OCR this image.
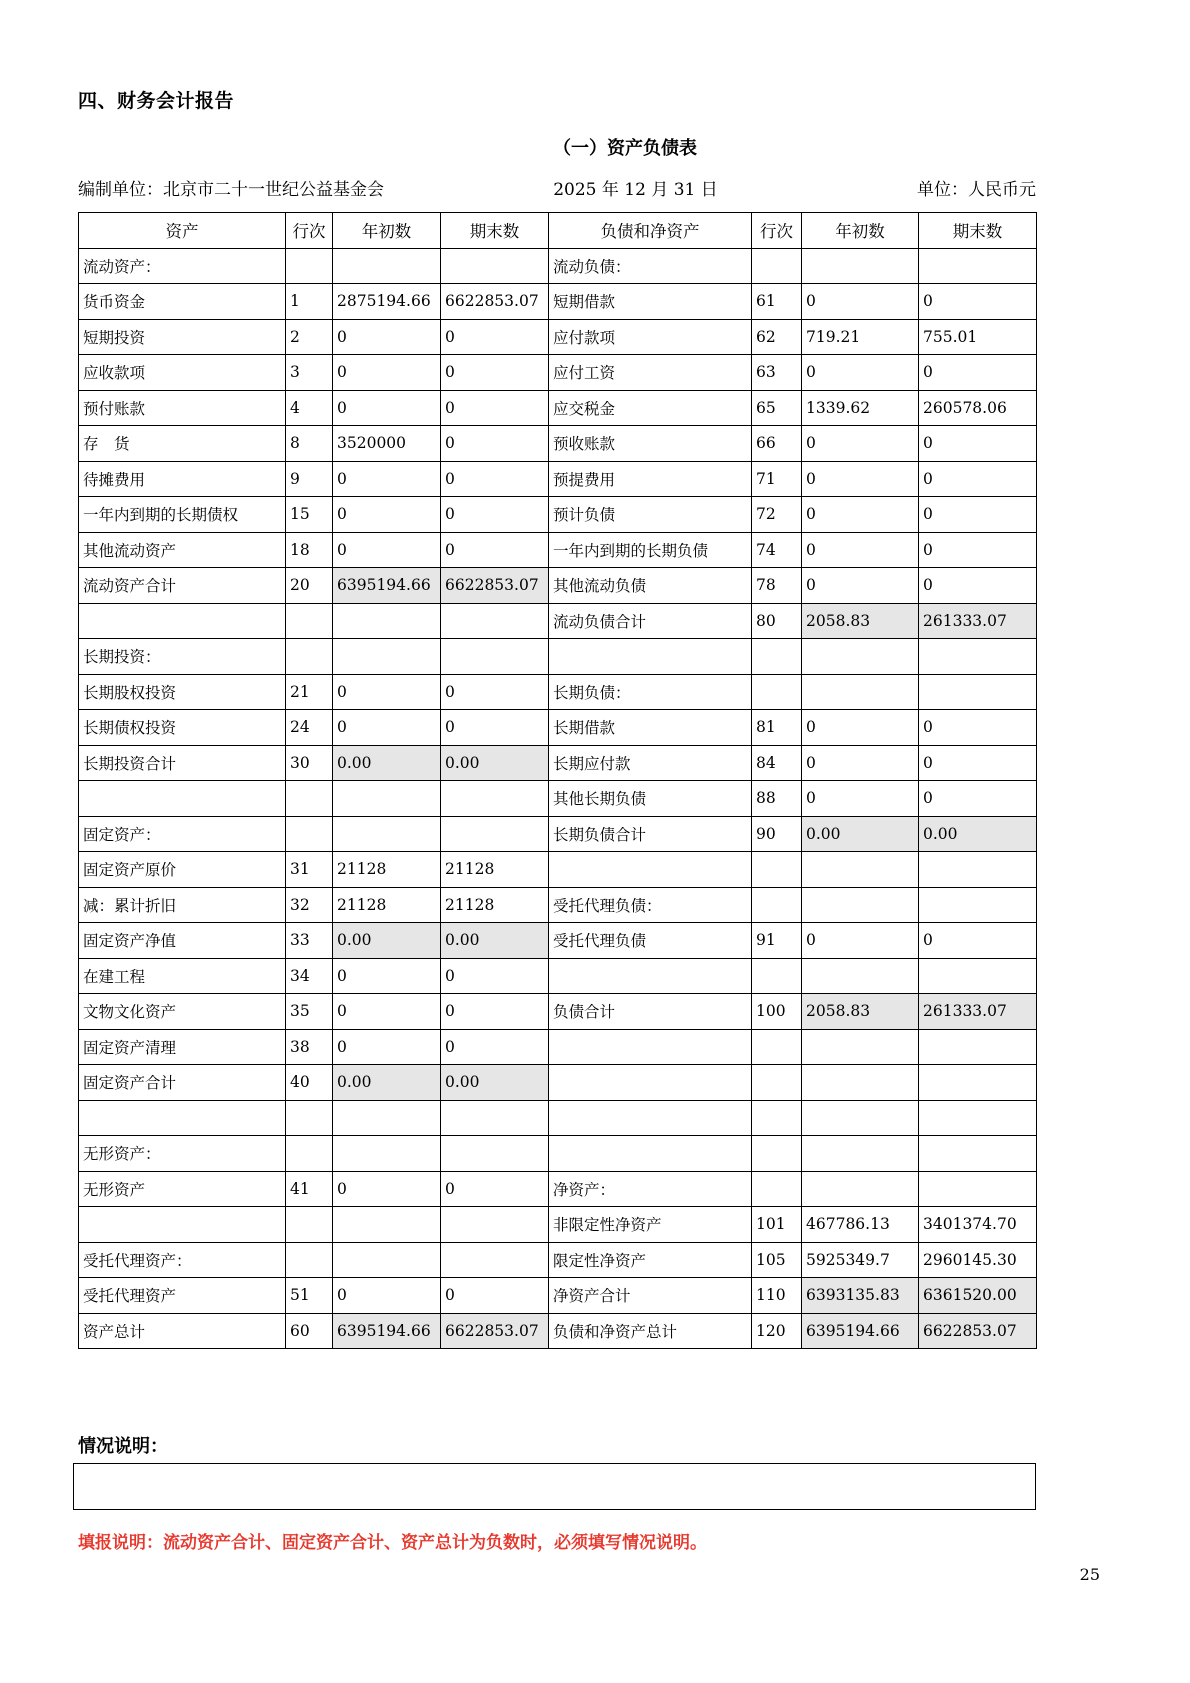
四、财务会计报告
（一）资产负债表
编制单位：北京市二十一世纪公益基金会	2025 年 12 月 31 日	单位：人民币元
资产	行次	年初数	期末数	负债和净资产	行次	年初数	期末数
流动资产：				流动负债：			
货币资金	1	2875194.66	6622853.07	短期借款	61	0	0
短期投资	2	0	0	应付款项	62	719.21	755.01
应收款项	3	0	0	应付工资	63	0	0
预付账款	4	0	0	应交税金	65	1339.62	260578.06
存　货	8	3520000	0	预收账款	66	0	0
待摊费用	9	0	0	预提费用	71	0	0
一年内到期的长期债权	15	0	0	预计负债	72	0	0
其他流动资产	18	0	0	一年内到期的长期负债	74	0	0
流动资产合计	20	6395194.66	6622853.07	其他流动负债	78	0	0
				流动负债合计	80	2058.83	261333.07
长期投资：							
长期股权投资	21	0	0	长期负债：			
长期债权投资	24	0	0	长期借款	81	0	0
长期投资合计	30	0.00	0.00	长期应付款	84	0	0
				其他长期负债	88	0	0
固定资产：				长期负债合计	90	0.00	0.00
固定资产原价	31	21128	21128				
减：累计折旧	32	21128	21128	受托代理负债：			
固定资产净值	33	0.00	0.00	受托代理负债	91	0	0
在建工程	34	0	0				
文物文化资产	35	0	0	负债合计	100	2058.83	261333.07
固定资产清理	38	0	0				
固定资产合计	40	0.00	0.00				

无形资产：							
无形资产	41	0	0	净资产：			
				非限定性净资产	101	467786.13	3401374.70
受托代理资产：				限定性净资产	105	5925349.7	2960145.30
受托代理资产	51	0	0	净资产合计	110	6393135.83	6361520.00
资产总计	60	6395194.66	6622853.07	负债和净资产总计	120	6395194.66	6622853.07
情况说明：
填报说明：流动资产合计、固定资产合计、资产总计为负数时，必须填写情况说明。
25
